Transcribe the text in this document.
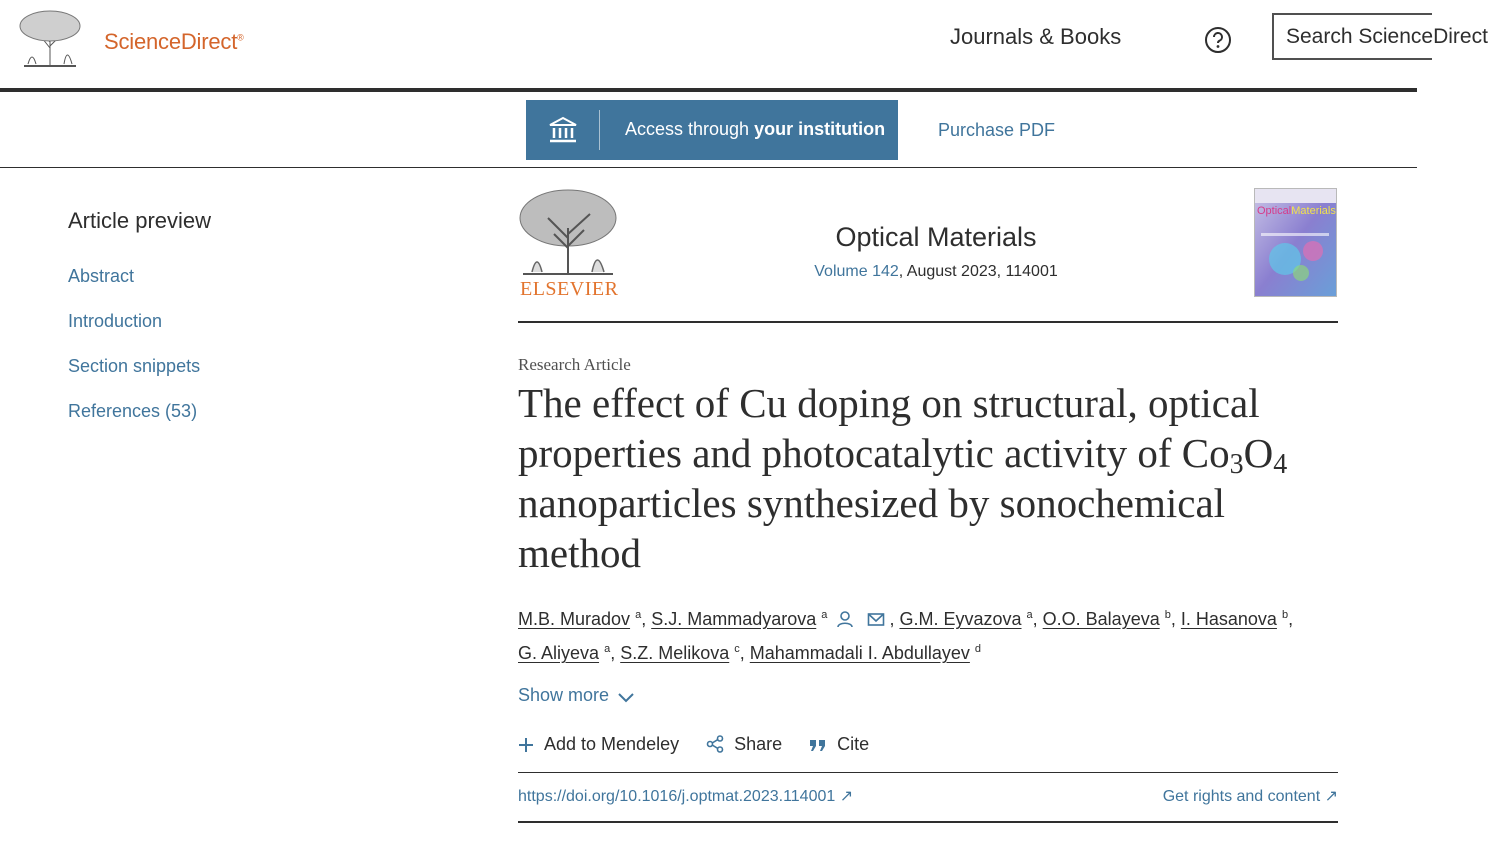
ScienceDirect®	Journals & Books	Search ScienceDirect
Access through your institution	Purchase PDF
Article preview
Abstract
Introduction
Section snippets
References (53)
ELSEVIER
Optical Materials
Volume 142, August 2023, 114001
OpticalMaterials
Research Article
The effect of Cu doping on structural, optical properties and photocatalytic activity of $Co_3O_4$ nanoparticles synthesized by sonochemical method
M.B. Muradov $^a$, S.J. Mammadyarova $^a$	, G.M. Eyvazova $^a$, O.O. Balayeva $^b$, I. Hasanova $^b$,
G. Aliyeva $^a$, S.Z. Melikova $^c$, Mahammadali I. Abdullayev $^d$
Show more
Add to Mendeley	Share	Cite
https://doi.org/10.1016/j.optmat.2023.114001 ↗	Get rights and content ↗
